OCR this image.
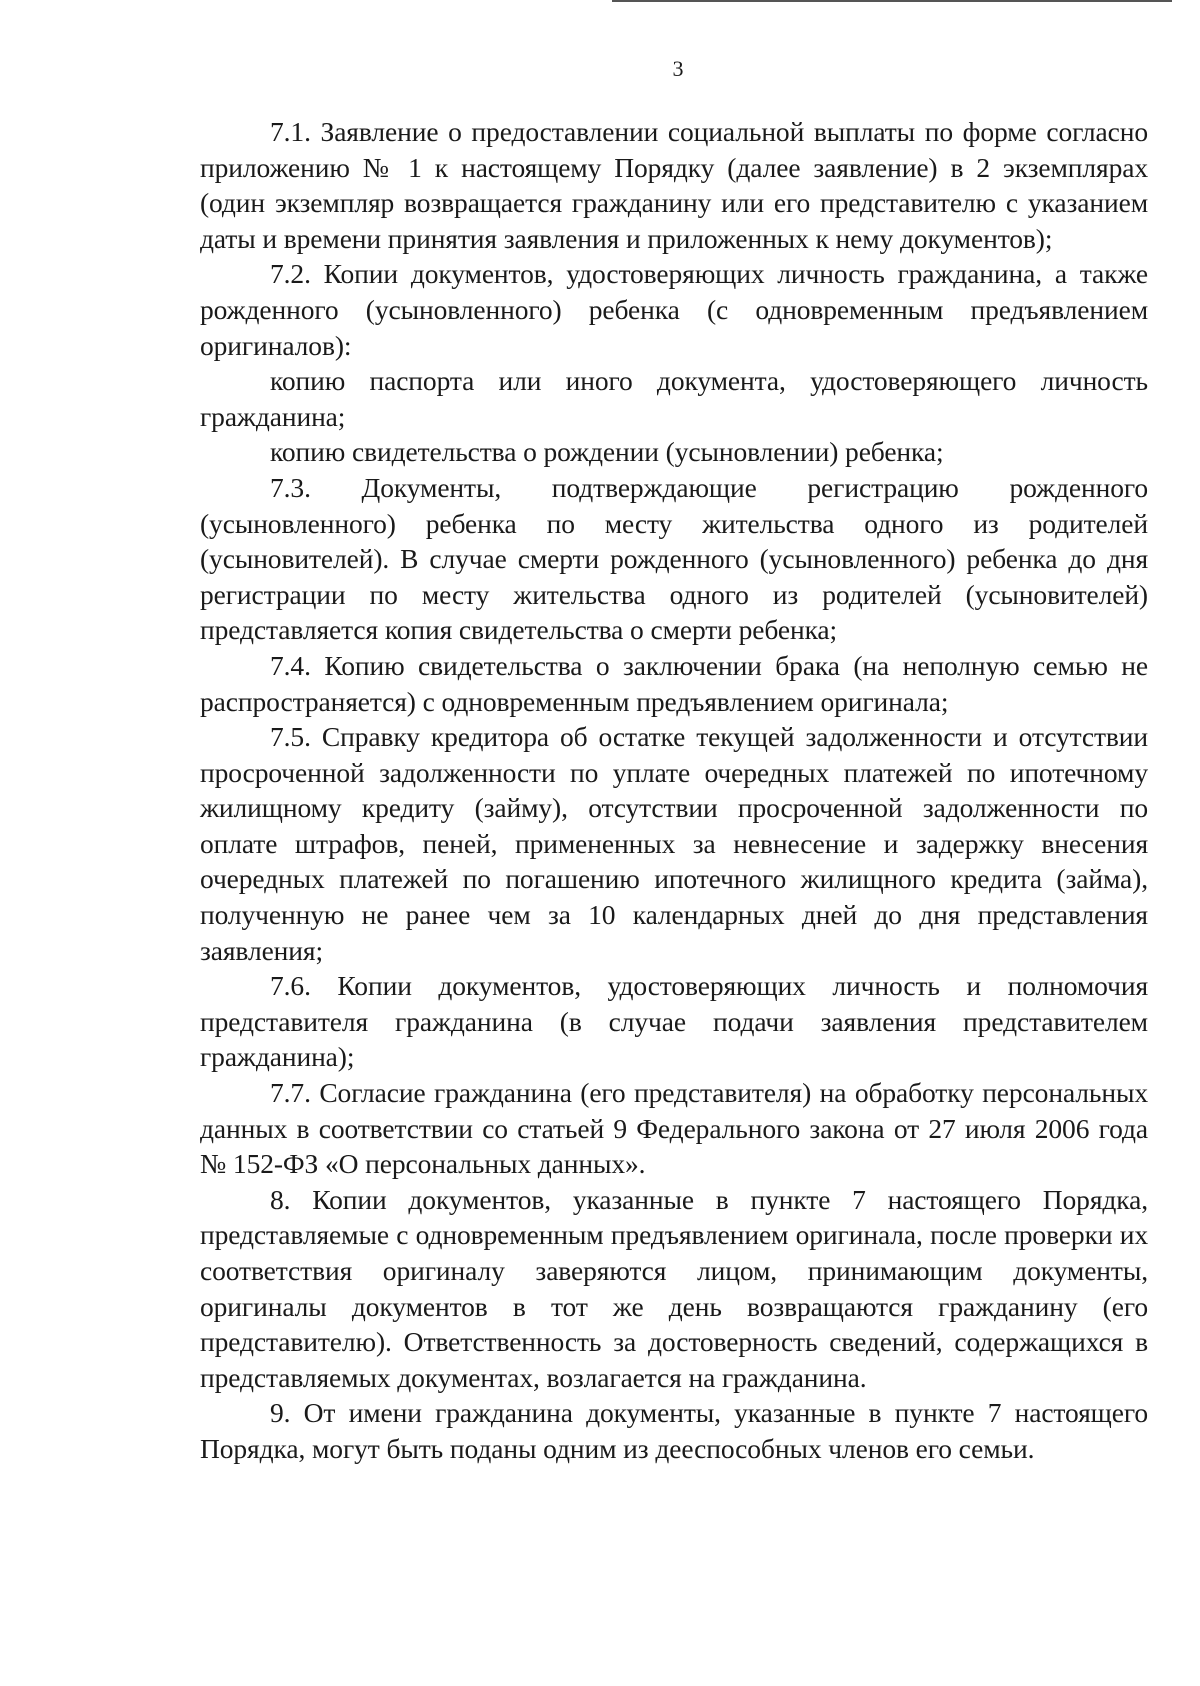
3

7.1. Заявление о предоставлении социальной выплаты по форме согласно приложению № 1 к настоящему Порядку (далее заявление) в 2 экземплярах (один экземпляр возвращается гражданину или его представителю с указанием даты и времени принятия заявления и приложенных к нему документов);

7.2. Копии документов, удостоверяющих личность гражданина, а также рожденного (усыновленного) ребенка (с одновременным предъявлением оригиналов):

копию паспорта или иного документа, удостоверяющего личность гражданина;

копию свидетельства о рождении (усыновлении) ребенка;

7.3. Документы, подтверждающие регистрацию рожденного (усыновленного) ребенка по месту жительства одного из родителей (усыновителей). В случае смерти рожденного (усыновленного) ребенка до дня регистрации по месту жительства одного из родителей (усыновителей) представляется копия свидетельства о смерти ребенка;

7.4. Копию свидетельства о заключении брака (на неполную семью не распространяется) с одновременным предъявлением оригинала;

7.5. Справку кредитора об остатке текущей задолженности и отсутствии просроченной задолженности по уплате очередных платежей по ипотечному жилищному кредиту (займу), отсутствии просроченной задолженности по оплате штрафов, пеней, примененных за невнесение и задержку внесения очередных платежей по погашению ипотечного жилищного кредита (займа), полученную не ранее чем за 10 календарных дней до дня представления заявления;

7.6. Копии документов, удостоверяющих личность и полномочия представителя гражданина (в случае подачи заявления представителем гражданина);

7.7. Согласие гражданина (его представителя) на обработку персональных данных в соответствии со статьей 9 Федерального закона от 27 июля 2006 года № 152-ФЗ «О персональных данных».

8. Копии документов, указанные в пункте 7 настоящего Порядка, представляемые с одновременным предъявлением оригинала, после проверки их соответствия оригиналу заверяются лицом, принимающим документы, оригиналы документов в тот же день возвращаются гражданину (его представителю). Ответственность за достоверность сведений, содержащихся в представляемых документах, возлагается на гражданина.

9. От имени гражданина документы, указанные в пункте 7 настоящего Порядка, могут быть поданы одним из дееспособных членов его семьи.
